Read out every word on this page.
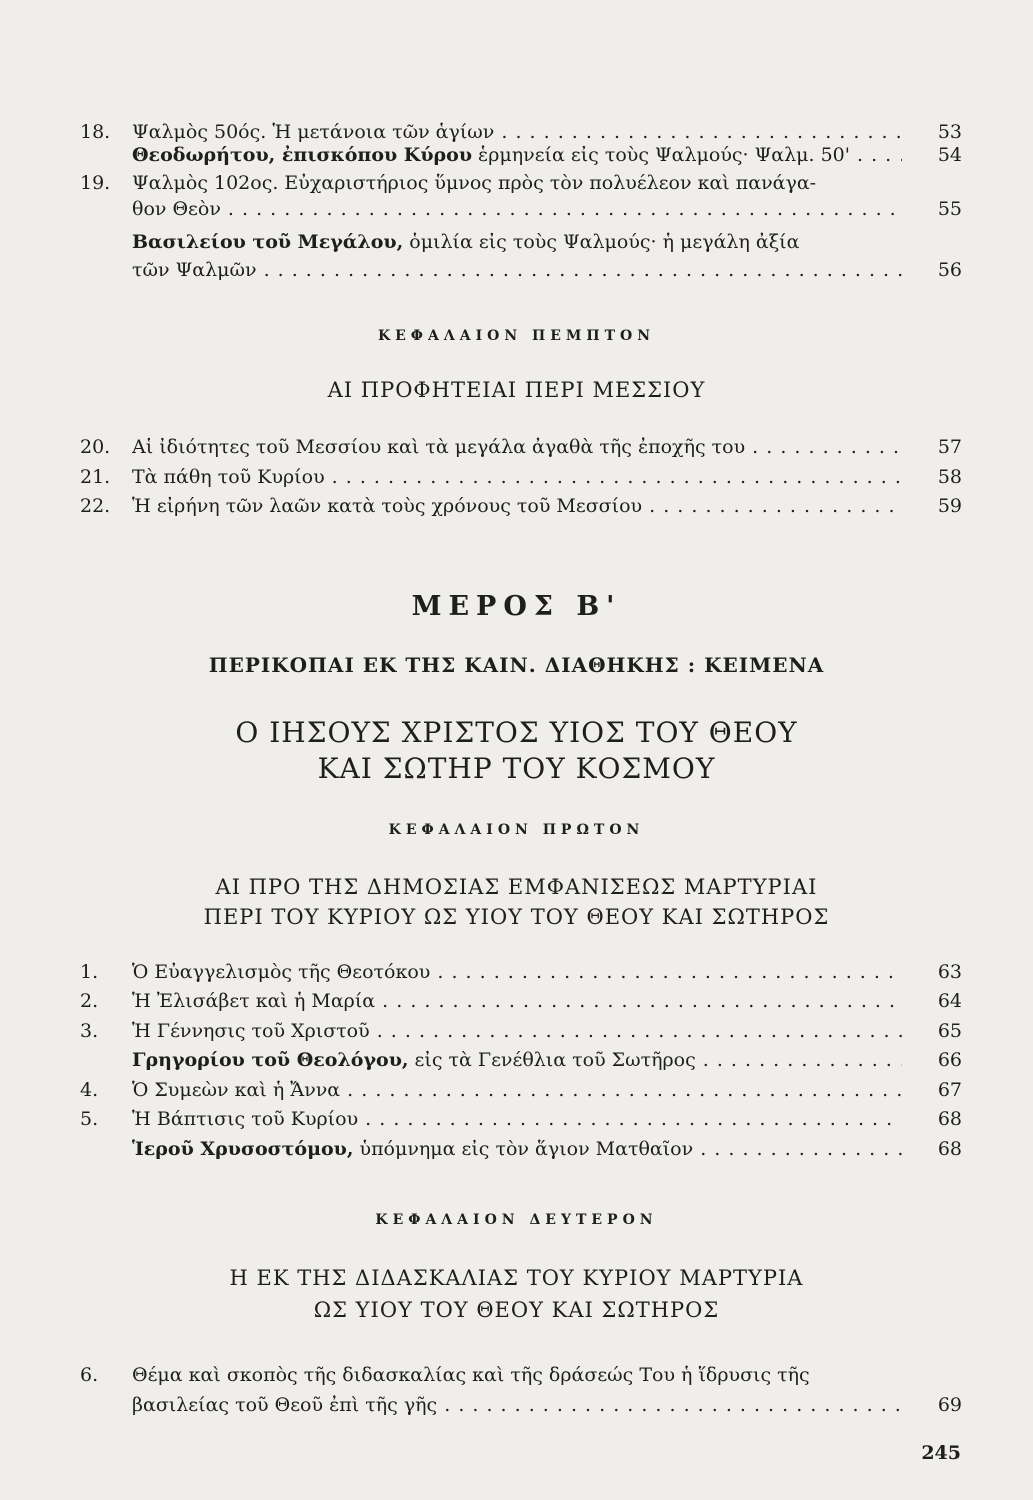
18.	Ψαλμὸς 50ός. Ἡ μετάνοια τῶν ἁγίων . . .	53
Θεοδωρήτου, ἐπισκόπου Κύρου ἑρμηνεία εἰς τοὺς Ψαλμούς· Ψαλμ. 50' . . .	54
19.	Ψαλμὸς 102ος. Εὐχαριστήριος ὕμνος πρὸς τὸν πολυέλεον καὶ πανάγα-
θον Θεὸν . . .	55
Βασιλείου τοῦ Μεγάλου, ὁμιλία εἰς τοὺς Ψαλμούς· ἡ μεγάλη ἀξία
τῶν Ψαλμῶν . . .	56
ΚΕΦΑΛΑΙΟΝ ΠΕΜΠΤΟΝ
ΑΙ ΠΡΟΦΗΤΕΙΑΙ ΠΕΡΙ ΜΕΣΣΙΟΥ
20.	Αἱ ἰδιότητες τοῦ Μεσσίου καὶ τὰ μεγάλα ἀγαθὰ τῆς ἐποχῆς του . . .	57
21.	Τὰ πάθη τοῦ Κυρίου . . .	58
22.	Ἡ εἰρήνη τῶν λαῶν κατὰ τοὺς χρόνους τοῦ Μεσσίου . . .	59
ΜΕΡΟΣ Β'
ΠΕΡΙΚΟΠΑΙ ΕΚ ΤΗΣ ΚΑΙΝ. ΔΙΑΘΗΚΗΣ : ΚΕΙΜΕΝΑ
Ο ΙΗΣΟΥΣ ΧΡΙΣΤΟΣ ΥΙΟΣ ΤΟΥ ΘΕΟΥ
ΚΑΙ ΣΩΤΗΡ ΤΟΥ ΚΟΣΜΟΥ
ΚΕΦΑΛΑΙΟΝ ΠΡΩΤΟΝ
ΑΙ ΠΡΟ ΤΗΣ ΔΗΜΟΣΙΑΣ ΕΜΦΑΝΙΣΕΩΣ ΜΑΡΤΥΡΙΑΙ
ΠΕΡΙ ΤΟΥ ΚΥΡΙΟΥ ΩΣ ΥΙΟΥ ΤΟΥ ΘΕΟΥ ΚΑΙ ΣΩΤΗΡΟΣ
1.	Ὁ Εὐαγγελισμὸς τῆς Θεοτόκου . . .	63
2.	Ἡ Ἐλισάβετ καὶ ἡ Μαρία . . .	64
3.	Ἡ Γέννησις τοῦ Χριστοῦ . . .	65
Γρηγορίου τοῦ Θεολόγου, εἰς τὰ Γενέθλια τοῦ Σωτῆρος . . .	66
4.	Ὁ Συμεὼν καὶ ἡ Ἄννα . . .	67
5.	Ἡ Βάπτισις τοῦ Κυρίου . . .	68
Ἱεροῦ Χρυσοστόμου, ὑπόμνημα εἰς τὸν ἅγιον Ματθαῖον . . .	68
ΚΕΦΑΛΑΙΟΝ ΔΕΥΤΕΡΟΝ
Η ΕΚ ΤΗΣ ΔΙΔΑΣΚΑΛΙΑΣ ΤΟΥ ΚΥΡΙΟΥ ΜΑΡΤΥΡΙΑ
ΩΣ ΥΙΟΥ ΤΟΥ ΘΕΟΥ ΚΑΙ ΣΩΤΗΡΟΣ
6.	Θέμα καὶ σκοπὸς τῆς διδασκαλίας καὶ τῆς δράσεώς Του ἡ ἵδρυσις τῆς
βασιλείας τοῦ Θεοῦ ἐπὶ τῆς γῆς . . .	69
245
